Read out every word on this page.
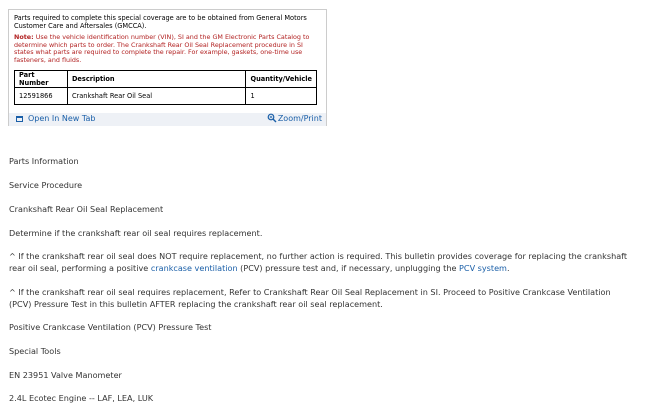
Parts required to complete this special coverage are to be obtained from General Motors Customer Care and Aftersales (GMCCA).
Note: Use the vehicle identification number (VIN), SI and the GM Electronic Parts Catalog to determine which parts to order. The Crankshaft Rear Oil Seal Replacement procedure in SI states what parts are required to complete the repair. For example, gaskets, one-time use fasteners, and fluids.
Part Number	Description	Quantity/Vehicle
12591866	Crankshaft Rear Oil Seal	1
Open In New Tab	Zoom/Print
Parts Information
Service Procedure
Crankshaft Rear Oil Seal Replacement
Determine if the crankshaft rear oil seal requires replacement.
^ If the crankshaft rear oil seal does NOT require replacement, no further action is required. This bulletin provides coverage for replacing the crankshaft rear oil seal, performing a positive crankcase ventilation (PCV) pressure test and, if necessary, unplugging the PCV system.
^ If the crankshaft rear oil seal requires replacement, Refer to Crankshaft Rear Oil Seal Replacement in SI. Proceed to Positive Crankcase Ventilation (PCV) Pressure Test in this bulletin AFTER replacing the crankshaft rear oil seal replacement.
Positive Crankcase Ventilation (PCV) Pressure Test
Special Tools
EN 23951 Valve Manometer
2.4L Ecotec Engine -- LAF, LEA, LUK
